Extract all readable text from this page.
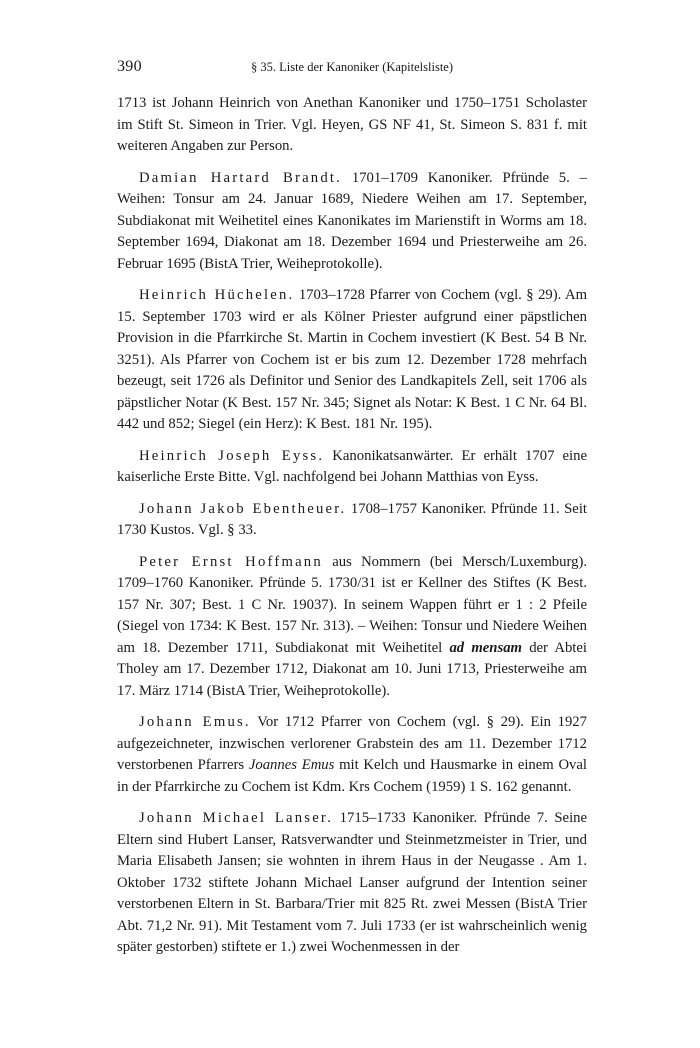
390	§ 35. Liste der Kanoniker (Kapitelsliste)

1713 ist Johann Heinrich von Anethan Kanoniker und 1750–1751 Scholaster im Stift St. Simeon in Trier. Vgl. Heyen, GS NF 41, St. Simeon S. 831 f. mit weiteren Angaben zur Person.

Damian Hartard Brandt. 1701–1709 Kanoniker. Pfründe 5. – Weihen: Tonsur am 24. Januar 1689, Niedere Weihen am 17. September, Subdiakonat mit Weihetitel eines Kanonikates im Marienstift in Worms am 18. September 1694, Diakonat am 18. Dezember 1694 und Priesterweihe am 26. Februar 1695 (BistA Trier, Weiheprotokolle).

Heinrich Hüchelen. 1703–1728 Pfarrer von Cochem (vgl. § 29). Am 15. September 1703 wird er als Kölner Priester aufgrund einer päpstlichen Provision in die Pfarrkirche St. Martin in Cochem investiert (K Best. 54 B Nr. 3251). Als Pfarrer von Cochem ist er bis zum 12. Dezember 1728 mehrfach bezeugt, seit 1726 als Definitor und Senior des Landkapitels Zell, seit 1706 als päpstlicher Notar (K Best. 157 Nr. 345; Signet als Notar: K Best. 1 C Nr. 64 Bl. 442 und 852; Siegel (ein Herz): K Best. 181 Nr. 195).

Heinrich Joseph Eyss. Kanonikatsanwärter. Er erhält 1707 eine kaiserliche Erste Bitte. Vgl. nachfolgend bei Johann Matthias von Eyss.

Johann Jakob Ebentheuer. 1708–1757 Kanoniker. Pfründe 11. Seit 1730 Kustos. Vgl. § 33.

Peter Ernst Hoffmann aus Nommern (bei Mersch/Luxemburg). 1709–1760 Kanoniker. Pfründe 5. 1730/31 ist er Kellner des Stiftes (K Best. 157 Nr. 307; Best. 1 C Nr. 19037). In seinem Wappen führt er 1 : 2 Pfeile (Siegel von 1734: K Best. 157 Nr. 313). – Weihen: Tonsur und Niedere Weihen am 18. Dezember 1711, Subdiakonat mit Weihetitel ad mensam der Abtei Tholey am 17. Dezember 1712, Diakonat am 10. Juni 1713, Priesterweihe am 17. März 1714 (BistA Trier, Weiheprotokolle).

Johann Emus. Vor 1712 Pfarrer von Cochem (vgl. § 29). Ein 1927 aufgezeichneter, inzwischen verlorener Grabstein des am 11. Dezember 1712 verstorbenen Pfarrers Joannes Emus mit Kelch und Hausmarke in einem Oval in der Pfarrkirche zu Cochem ist Kdm. Krs Cochem (1959) 1 S. 162 genannt.

Johann Michael Lanser. 1715–1733 Kanoniker. Pfründe 7. Seine Eltern sind Hubert Lanser, Ratsverwandter und Steinmetzmeister in Trier, und Maria Elisabeth Jansen; sie wohnten in ihrem Haus in der Neugasse . Am 1. Oktober 1732 stiftete Johann Michael Lanser aufgrund der Intention seiner verstorbenen Eltern in St. Barbara/Trier mit 825 Rt. zwei Messen (BistA Trier Abt. 71,2 Nr. 91). Mit Testament vom 7. Juli 1733 (er ist wahrscheinlich wenig später gestorben) stiftete er 1.) zwei Wochenmessen in der
